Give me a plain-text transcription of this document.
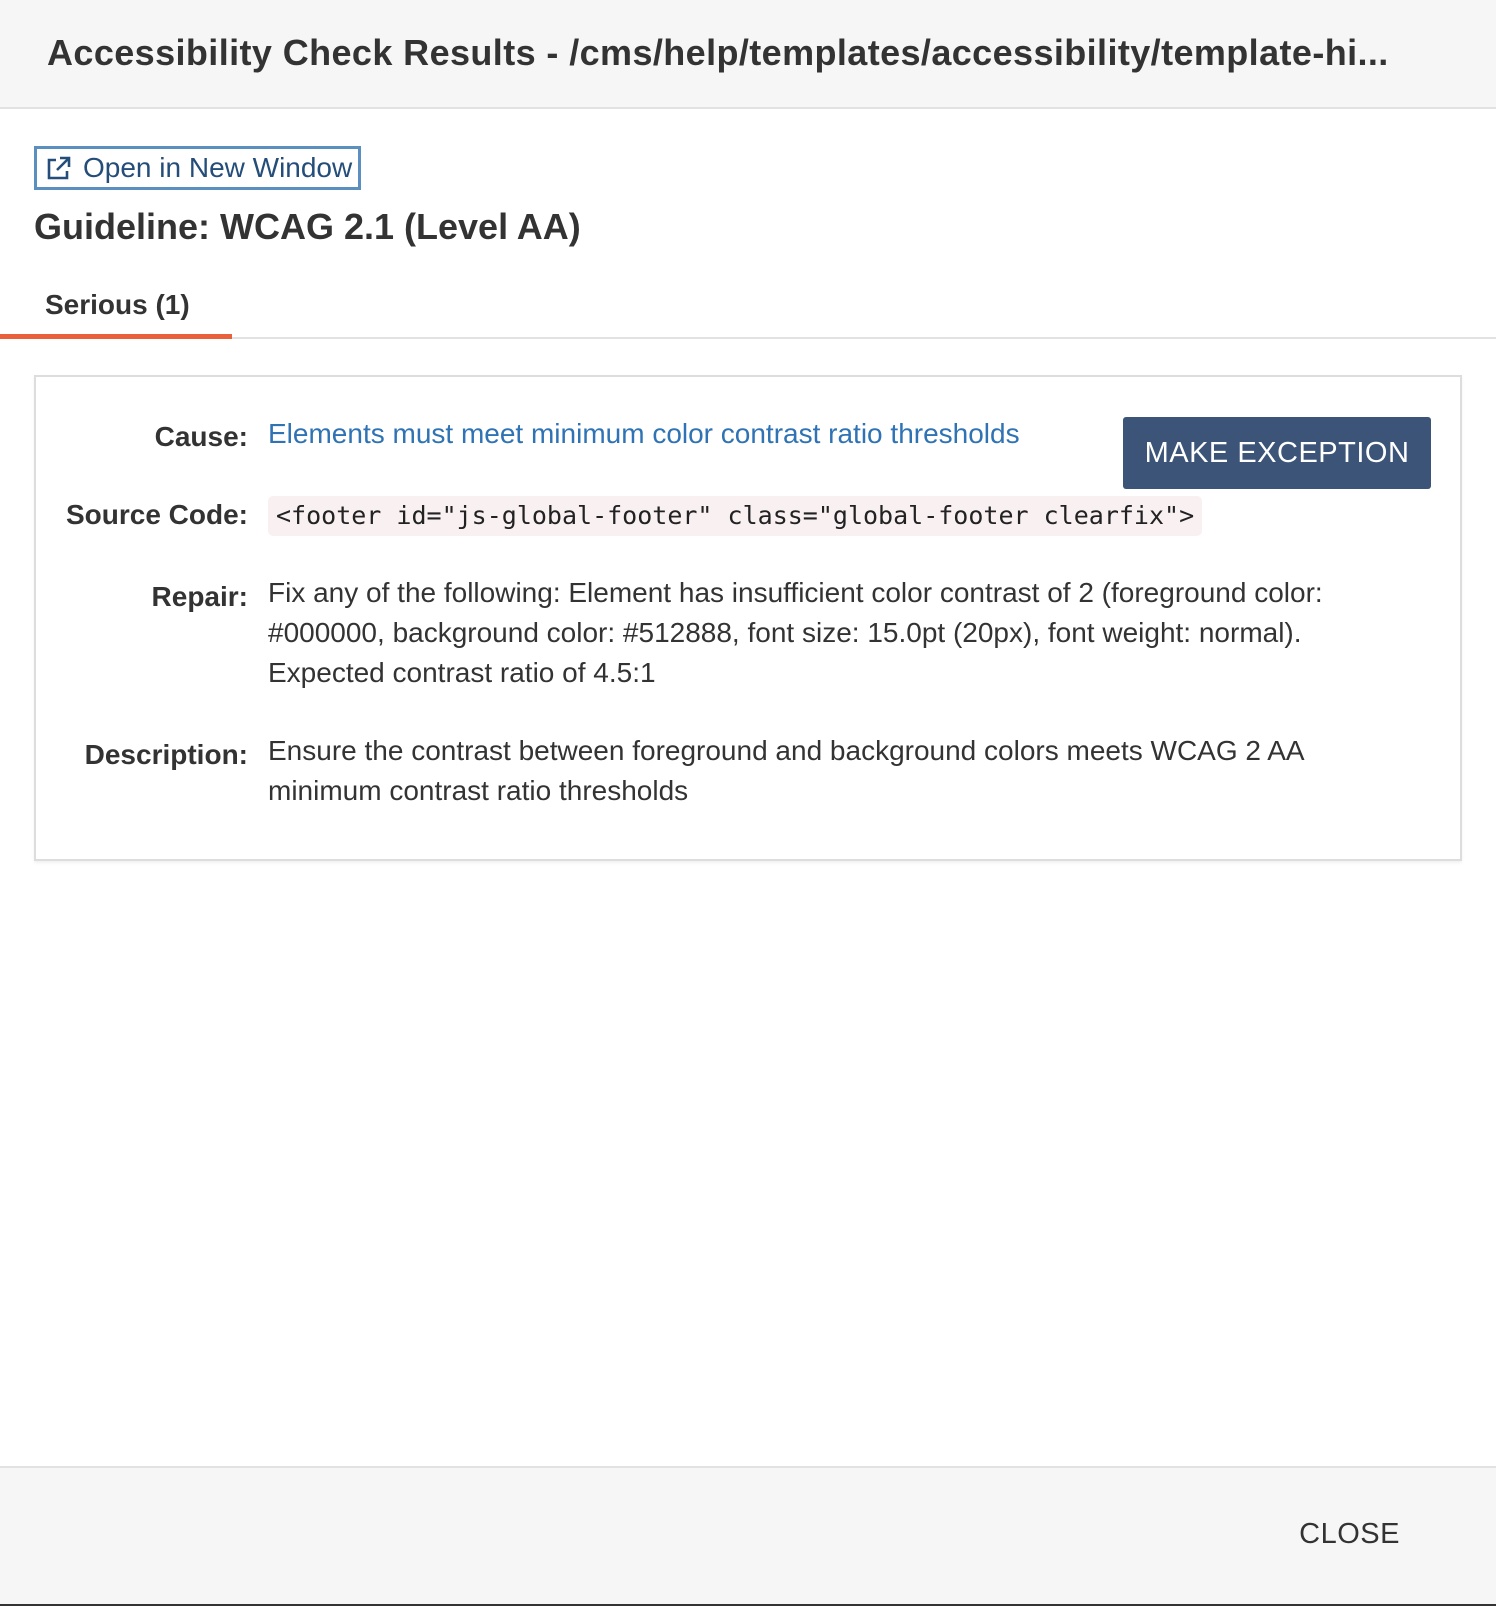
Accessibility Check Results - /cms/help/templates/accessibility/template-hi...
Open in New Window
Guideline: WCAG 2.1 (Level AA)
Serious (1)
Cause: Elements must meet minimum color contrast ratio thresholds
MAKE EXCEPTION
Source Code:	<footer id="js-global-footer" class="global-footer clearfix">
Repair: Fix any of the following: Element has insufficient color contrast of 2 (foreground color:
#000000, background color: #512888, font size: 15.0pt (20px), font weight: normal).
Expected contrast ratio of 4.5:1
Description: Ensure the contrast between foreground and background colors meets WCAG 2 AA
minimum contrast ratio thresholds
CLOSE
